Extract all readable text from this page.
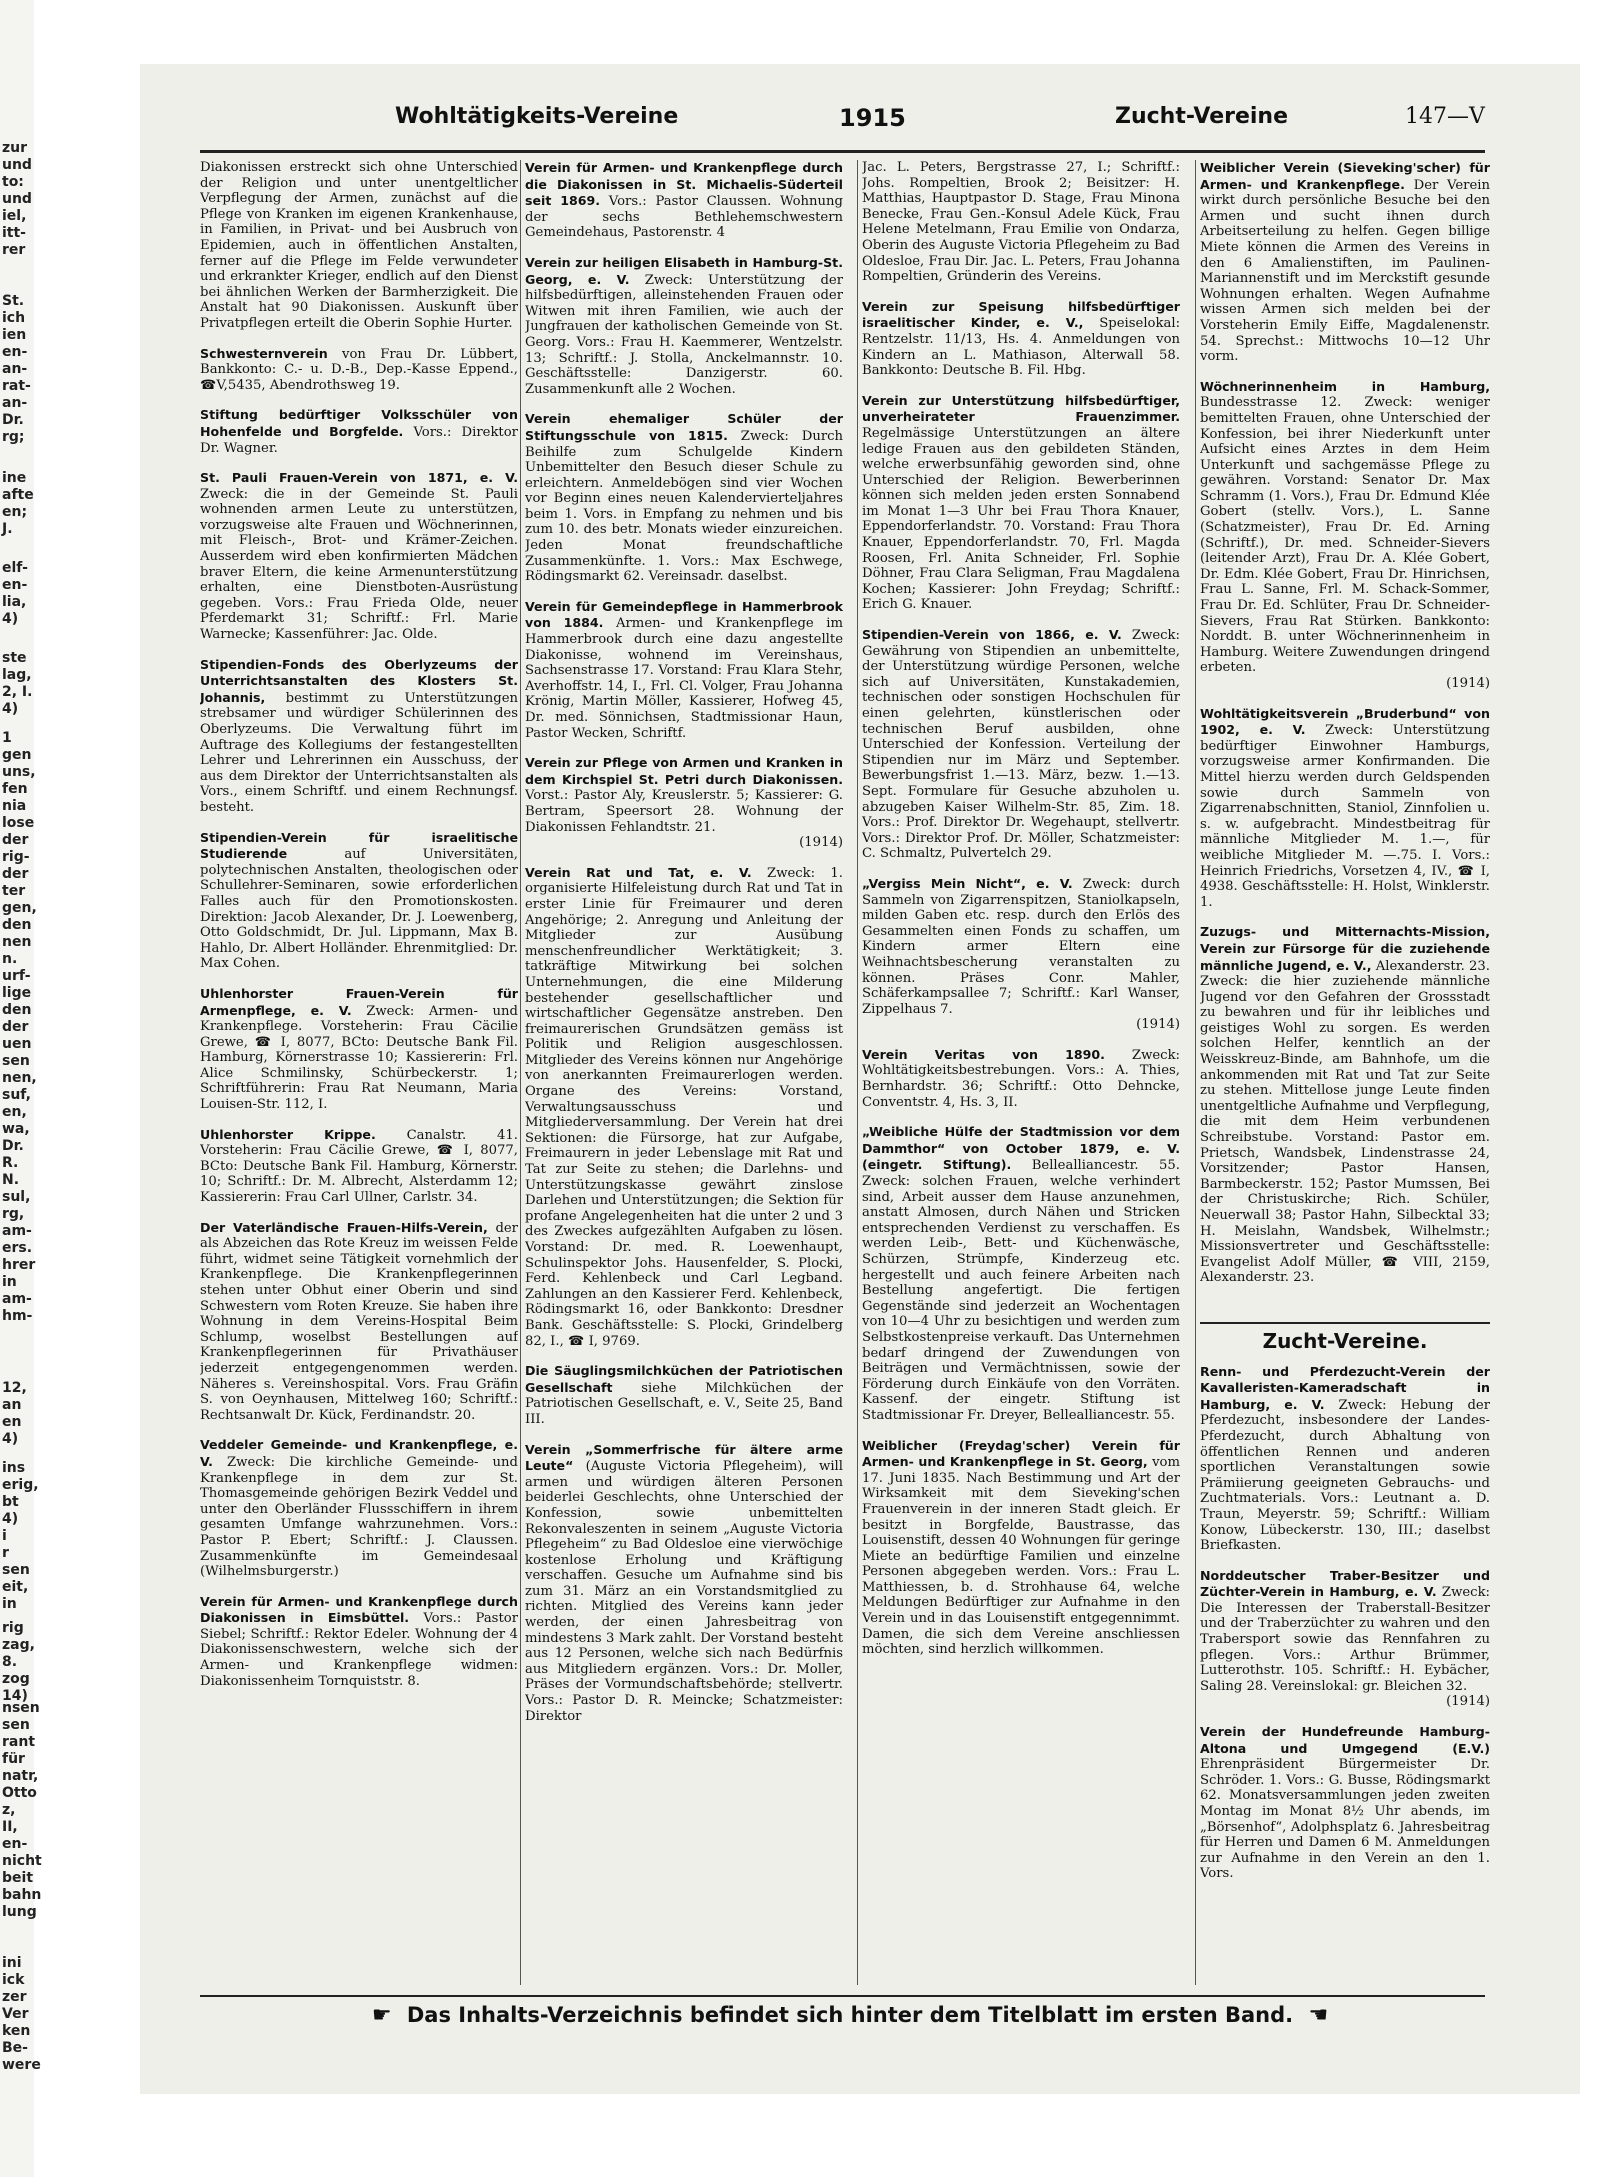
zur
und
to:
und
iel,
itt-
rer

St.
ich
ien
en-
an-
rat-
an-
Dr.
rg;
ine
afte
en;
J.
elf-
en-
lia,
4)
ste
lag,
2, I.
4)
1
gen
uns,
fen
nia
lose
der
rig-
der
ter
gen,
den
nen
n.
urf-
lige
den
der
uen
sen
nen,
suf,
en,
wa,
Dr.
R.
N.
sul,
rg,
am-
ers.
hrer
in
am-
hm-
12,
an
en
4)
ins
erig,
bt
4)
i
r
sen
eit,
in
rig
zag,
8.
zog
14)
nsen
sen
rant
für
natr,
Otto
z,
II,
en-
nicht
beit
bahn
lung

ini
ick
zer
Ver
ken
Be-
were
Wohltätigkeits-Vereine	1915	Zucht-Vereine	147—V
Diakonissen erstreckt sich ohne Unterschied der Religion und unter unentgeltlicher Verpflegung der Armen, zunächst auf die Pflege von Kranken im eigenen Krankenhause, in Familien, in Privat- und bei Ausbruch von Epidemien, auch in öffentlichen Anstalten, ferner auf die Pflege im Felde verwundeter und erkrankter Krieger, endlich auf den Dienst bei ähnlichen Werken der Barmherzigkeit. Die Anstalt hat 90 Diakonissen. Auskunft über Privatpflegen erteilt die Oberin Sophie Hurter.
Schwesternverein von Frau Dr. Lübbert, Bankkonto: C.- u. D.-B., Dep.-Kasse Eppend., ☎V,5435, Abendrothsweg 19.
Stiftung bedürftiger Volksschüler von Hohenfelde und Borgfelde. Vors.: Direktor Dr. Wagner.
St. Pauli Frauen-Verein von 1871, e. V. Zweck: die in der Gemeinde St. Pauli wohnenden armen Leute zu unterstützen, vorzugsweise alte Frauen und Wöchnerinnen, mit Fleisch-, Brot- und Krämer-Zeichen. Ausserdem wird eben konfirmierten Mädchen braver Eltern, die keine Armenunterstützung erhalten, eine Dienstboten-Ausrüstung gegeben. Vors.: Frau Frieda Olde, neuer Pferdemarkt 31; Schriftf.: Frl. Marie Warnecke; Kassenführer: Jac. Olde.
Stipendien-Fonds des Oberlyzeums der Unterrichtsanstalten des Klosters St. Johannis, bestimmt zu Unterstützungen strebsamer und würdiger Schülerinnen des Oberlyzeums. Die Verwaltung führt im Auftrage des Kollegiums der festangestellten Lehrer und Lehrerinnen ein Ausschuss, der aus dem Direktor der Unterrichtsanstalten als Vors., einem Schriftf. und einem Rechnungsf. besteht.
Stipendien-Verein für israelitische Studierende	auf Universitäten, polytechnischen Anstalten, theologischen oder Schullehrer-Seminaren, sowie erforderlichen Falles auch für den Promotionskosten. Direktion: Jacob Alexander, Dr. J. Loewenberg, Otto Goldschmidt, Dr. Jul. Lippmann, Max B. Hahlo, Dr. Albert Holländer. Ehrenmitglied: Dr. Max Cohen.
Uhlenhorster Frauen-Verein für Armenpflege, e. V. Zweck: Armen- und Krankenpflege. Vorsteherin: Frau Cäcilie Grewe, ☎ I, 8077, BCto: Deutsche Bank Fil. Hamburg, Körnerstrasse 10; Kassiererin: Frl. Alice Schmilinsky, Schürbeckerstr. 1; Schriftführerin: Frau Rat Neumann, Maria Louisen-Str. 112, I.
Uhlenhorster Krippe. Canalstr. 41. Vorsteherin: Frau Cäcilie Grewe, ☎ I, 8077, BCto: Deutsche Bank Fil. Hamburg, Körnerstr. 10; Schriftf.: Dr. M. Albrecht, Alsterdamm 12; Kassiererin: Frau Carl Ullner, Carlstr. 34.
Der Vaterländische Frauen-Hilfs-Verein, der als Abzeichen das Rote Kreuz im weissen Felde führt, widmet seine Tätigkeit vornehmlich der Krankenpflege. Die Krankenpflegerinnen stehen unter Obhut einer Oberin und sind Schwestern vom Roten Kreuze. Sie haben ihre Wohnung in dem Vereins-Hospital Beim Schlump, woselbst Bestellungen auf Krankenpflegerinnen für Privathäuser jederzeit entgegengenommen werden. Näheres s. Vereinshospital. Vors. Frau Gräfin S. von Oeynhausen, Mittelweg 160; Schriftf.: Rechtsanwalt Dr. Kück, Ferdinandstr. 20.
Veddeler Gemeinde- und Krankenpflege, e. V. Zweck: Die kirchliche Gemeinde- und Krankenpflege in dem zur St. Thomasgemeinde gehörigen Bezirk Veddel und unter den Oberländer Flussschiffern in ihrem gesamten Umfange wahrzunehmen. Vors.: Pastor P. Ebert; Schriftf.: J. Claussen. Zusammenkünfte im Gemeindesaal (Wilhelmsburgerstr.)
Verein für Armen- und Krankenpflege durch Diakonissen in Eimsbüttel. Vors.: Pastor Siebel; Schriftf.: Rektor Edeler. Wohnung der 4 Diakonissenschwestern, welche sich der Armen- und Krankenpflege widmen: Diakonissenheim Tornquiststr. 8.
Verein für Armen- und Krankenpflege durch die Diakonissen in St. Michaelis-Süderteil seit 1869. Vors.: Pastor Claussen. Wohnung der sechs Bethlehemschwestern Gemeindehaus, Pastorenstr. 4
Verein zur heiligen Elisabeth in Hamburg-St. Georg, e. V. Zweck: Unterstützung der hilfsbedürftigen, alleinstehenden Frauen oder Witwen mit ihren Familien, wie auch der Jungfrauen der katholischen Gemeinde von St. Georg. Vors.: Frau H. Kaemmerer, Wentzelstr. 13; Schriftf.: J. Stolla, Anckelmannstr. 10. Geschäftsstelle: Danzigerstr. 60. Zusammenkunft alle 2 Wochen.
Verein ehemaliger Schüler der Stiftungsschule von 1815. Zweck: Durch Beihilfe zum Schulgelde Kindern Unbemittelter den Besuch dieser Schule zu erleichtern. Anmeldebögen sind vier Wochen vor Beginn eines neuen Kalendervierteljahres beim 1. Vors. in Empfang zu nehmen und bis zum 10. des betr. Monats wieder einzureichen. Jeden Monat freundschaftliche Zusammenkünfte. 1. Vors.: Max Eschwege, Rödingsmarkt 62. Vereinsadr. daselbst.
Verein für Gemeindepflege in Hammerbrook von 1884. Armen- und Krankenpflege im Hammerbrook durch eine dazu angestellte Diakonisse, wohnend im Vereinshaus, Sachsenstrasse 17. Vorstand: Frau Klara Stehr, Averhoffstr. 14, I., Frl. Cl. Volger, Frau Johanna Krönig, Martin Möller, Kassierer, Hofweg 45, Dr. med. Sönnichsen, Stadtmissionar Haun, Pastor Wecken, Schriftf.
Verein zur Pflege von Armen und Kranken in dem Kirchspiel St. Petri durch Diakonissen. Vorst.: Pastor Aly, Kreuslerstr. 5; Kassierer: G. Bertram, Speersort 28. Wohnung der Diakonissen Fehlandtstr. 21.
(1914)
Verein Rat und Tat, e. V. Zweck: 1. organisierte Hilfeleistung durch Rat und Tat in erster Linie für Freimaurer und deren Angehörige; 2. Anregung und Anleitung der Mitglieder zur Ausübung menschenfreundlicher Werktätigkeit; 3. tatkräftige Mitwirkung bei solchen Unternehmungen, die eine Milderung bestehender gesellschaftlicher und wirtschaftlicher Gegensätze anstreben. Den freimaurerischen Grundsätzen gemäss ist Politik und Religion ausgeschlossen. Mitglieder des Vereins können nur Angehörige von anerkannten Freimaurerlogen werden. Organe des Vereins: Vorstand, Verwaltungsausschuss und Mitgliederversammlung. Der Verein hat drei Sektionen: die Fürsorge, hat zur Aufgabe, Freimaurern in jeder Lebenslage mit Rat und Tat zur Seite zu stehen; die Darlehns- und Unterstützungskasse gewährt zinslose Darlehen und Unterstützungen; die Sektion für profane Angelegenheiten hat die unter 2 und 3 des Zweckes aufgezählten Aufgaben zu lösen. Vorstand: Dr. med. R. Loewenhaupt, Schulinspektor Johs. Hausenfelder, S. Plocki, Ferd. Kehlenbeck und Carl Legband. Zahlungen an den Kassierer Ferd. Kehlenbeck, Rödingsmarkt 16, oder Bankkonto: Dresdner Bank. Geschäftsstelle: S. Plocki, Grindelberg 82, I., ☎ I, 9769.
Die Säuglingsmilchküchen der Patriotischen Gesellschaft siehe Milchküchen der Patriotischen Gesellschaft, e. V., Seite 25, Band III.
Verein „Sommerfrische für ältere arme Leute“ (Auguste Victoria Pflegeheim), will armen und würdigen älteren Personen beiderlei Geschlechts, ohne Unterschied der Konfession, sowie unbemittelten Rekonvaleszenten in seinem „Auguste Victoria Pflegeheim“ zu Bad Oldesloe eine vierwöchige kostenlose Erholung und Kräftigung verschaffen. Gesuche um Aufnahme sind bis zum 31. März an ein Vorstandsmitglied zu richten. Mitglied des Vereins kann jeder werden, der einen Jahresbeitrag von mindestens 3 Mark zahlt. Der Vorstand besteht aus 12 Personen, welche sich nach Bedürfnis aus Mitgliedern ergänzen. Vors.: Dr. Moller, Präses der Vormundschaftsbehörde; stellvertr. Vors.: Pastor D. R. Meincke; Schatzmeister: Direktor
Jac. L. Peters, Bergstrasse 27, I.; Schriftf.: Johs. Rompeltien, Brook 2; Beisitzer: H. Matthias, Hauptpastor D. Stage, Frau Minona Benecke, Frau Gen.-Konsul Adele Kück, Frau Helene Metelmann, Frau Emilie von Ondarza, Oberin des Auguste Victoria Pflegeheim zu Bad Oldesloe, Frau Dir. Jac. L. Peters, Frau Johanna Rompeltien, Gründerin des Vereins.
Verein zur Speisung hilfsbedürftiger israelitischer Kinder, e. V., Speiselokal: Rentzelstr. 11/13, Hs. 4. Anmeldungen von Kindern an L. Mathiason, Alterwall 58. Bankkonto: Deutsche B. Fil. Hbg.
Verein zur Unterstützung hilfsbedürftiger, unverheirateter Frauenzimmer. Regelmässige Unterstützungen an ältere ledige Frauen aus den gebildeten Ständen, welche erwerbsunfähig geworden sind, ohne Unterschied der Religion. Bewerberinnen können sich melden jeden ersten Sonnabend im Monat 1—3 Uhr bei Frau Thora Knauer, Eppendorferlandstr. 70. Vorstand: Frau Thora Knauer, Eppendorferlandstr. 70, Frl. Magda Roosen, Frl. Anita Schneider, Frl. Sophie Döhner, Frau Clara Seligman, Frau Magdalena Kochen; Kassierer: John Freydag; Schriftf.: Erich G. Knauer.
Stipendien-Verein von 1866, e. V. Zweck: Gewährung von Stipendien an unbemittelte, der Unterstützung würdige Personen, welche sich auf Universitäten, Kunstakademien, technischen oder sonstigen Hochschulen für einen gelehrten, künstlerischen oder technischen Beruf ausbilden, ohne Unterschied der Konfession. Verteilung der Stipendien nur im März und September. Bewerbungsfrist 1.—13. März, bezw. 1.—13. Sept. Formulare für Gesuche abzuholen u. abzugeben Kaiser Wilhelm-Str. 85, Zim. 18. Vors.: Prof. Direktor Dr. Wegehaupt, stellvertr. Vors.: Direktor Prof. Dr. Möller, Schatzmeister: C. Schmaltz, Pulvertelch 29.
„Vergiss Mein Nicht“, e. V. Zweck: durch Sammeln von Zigarrenspitzen, Staniolkapseln, milden Gaben etc. resp. durch den Erlös des Gesammelten einen Fonds zu schaffen, um Kindern armer Eltern eine Weihnachtsbescherung veranstalten zu können. Präses Conr. Mahler, Schäferkampsallee 7; Schriftf.: Karl Wanser, Zippelhaus 7.
(1914)
Verein Veritas von 1890. Zweck: Wohltätigkeitsbestrebungen. Vors.: A. Thies, Bernhardstr. 36; Schriftf.: Otto Dehncke, Conventstr. 4, Hs. 3, II.
„Weibliche Hülfe der Stadtmission vor dem Dammthor“ von October 1879, e. V. (eingetr. Stiftung). Bellealliancestr. 55. Zweck: solchen Frauen, welche verhindert sind, Arbeit ausser dem Hause anzunehmen, anstatt Almosen, durch Nähen und Stricken entsprechenden Verdienst zu verschaffen. Es werden Leib-, Bett- und Küchenwäsche, Schürzen, Strümpfe, Kinderzeug etc. hergestellt und auch feinere Arbeiten nach Bestellung angefertigt. Die fertigen Gegenstände sind jederzeit an Wochentagen von 10—4 Uhr zu besichtigen und werden zum Selbstkostenpreise verkauft. Das Unternehmen bedarf dringend der Zuwendungen von Beiträgen und Vermächtnissen, sowie der Förderung durch Einkäufe von den Vorräten. Kassenf. der eingetr. Stiftung ist Stadtmissionar Fr. Dreyer, Bellealliancestr. 55.
Weiblicher (Freydag'scher) Verein für Armen- und Krankenpflege in St. Georg, vom 17. Juni 1835. Nach Bestimmung und Art der Wirksamkeit mit dem Sieveking'schen Frauenverein in der inneren Stadt gleich. Er besitzt in Borgfelde, Baustrasse, das Louisenstift, dessen 40 Wohnungen für geringe Miete an bedürftige Familien und einzelne Personen abgegeben werden. Vors.: Frau L. Matthiessen, b. d. Strohhause 64, welche Meldungen Bedürftiger zur Aufnahme in den Verein und in das Louisenstift entgegennimmt. Damen, die sich dem Vereine anschliessen möchten, sind herzlich willkommen.
Weiblicher Verein (Sieveking'scher) für Armen- und Krankenpflege. Der Verein wirkt durch persönliche Besuche bei den Armen und sucht ihnen durch Arbeitserteilung zu helfen. Gegen billige Miete können die Armen des Vereins in den 6 Amalienstiften, im Paulinen-Mariannenstift und im Merckstift gesunde Wohnungen erhalten. Wegen Aufnahme wissen Armen sich melden bei der Vorsteherin Emily Eiffe, Magdalenenstr. 54. Sprechst.: Mittwochs 10—12 Uhr vorm.
Wöchnerinnenheim in Hamburg, Bundesstrasse 12. Zweck: weniger bemittelten Frauen, ohne Unterschied der Konfession, bei ihrer Niederkunft unter Aufsicht eines Arztes in dem Heim Unterkunft und sachgemässe Pflege zu gewähren. Vorstand: Senator Dr. Max Schramm (1. Vors.), Frau Dr. Edmund Klée Gobert (stellv. Vors.), L. Sanne (Schatzmeister), Frau Dr. Ed. Arning (Schriftf.), Dr. med. Schneider-Sievers (leitender Arzt), Frau Dr. A. Klée Gobert, Dr. Edm. Klée Gobert, Frau Dr. Hinrichsen, Frau L. Sanne, Frl. M. Schack-Sommer, Frau Dr. Ed. Schlüter, Frau Dr. Schneider-Sievers, Frau Rat Stürken. Bankkonto: Norddt. B. unter Wöchnerinnenheim in Hamburg. Weitere Zuwendungen dringend erbeten.
(1914)
Wohltätigkeitsverein „Bruderbund“ von 1902, e. V. Zweck: Unterstützung bedürftiger Einwohner Hamburgs, vorzugsweise armer Konfirmanden. Die Mittel hierzu werden durch Geldspenden sowie durch Sammeln von Zigarrenabschnitten, Staniol, Zinnfolien u. s. w. aufgebracht. Mindestbeitrag für männliche Mitglieder M. 1.—, für weibliche Mitglieder M. —.75. I. Vors.: Heinrich Friedrichs, Vorsetzen 4, IV., ☎ I, 4938. Geschäftsstelle: H. Holst, Winklerstr. 1.
Zuzugs- und Mitternachts-Mission, Verein zur Fürsorge für die zuziehende männliche Jugend, e. V., Alexanderstr. 23. Zweck: die hier zuziehende männliche Jugend vor den Gefahren der Grossstadt zu bewahren und für ihr leibliches und geistiges Wohl zu sorgen. Es werden solchen Helfer, kenntlich an der Weisskreuz-Binde, am Bahnhofe, um die ankommenden mit Rat und Tat zur Seite zu stehen. Mittellose junge Leute finden unentgeltliche Aufnahme und Verpflegung, die mit dem Heim verbundenen Schreibstube. Vorstand: Pastor em. Prietsch, Wandsbek, Lindenstrasse 24, Vorsitzender; Pastor Hansen, Barmbeckerstr. 152; Pastor Mumssen, Bei der Christuskirche; Rich. Schüler, Neuerwall 38; Pastor Hahn, Silbecktal 33; H. Meislahn, Wandsbek, Wilhelmstr.; Missionsvertreter und Geschäftsstelle: Evangelist Adolf Müller, ☎ VIII, 2159, Alexanderstr. 23.
Zucht-Vereine.
Renn- und Pferdezucht-Verein der Kavalleristen-Kameradschaft in Hamburg, e. V. Zweck: Hebung der Pferdezucht, insbesondere der Landes-Pferdezucht, durch Abhaltung von öffentlichen Rennen und anderen sportlichen Veranstaltungen sowie Prämiierung geeigneten Gebrauchs- und Zuchtmaterials. Vors.: Leutnant a. D. Traun, Meyerstr. 59; Schriftf.: William Konow, Lübeckerstr. 130, III.; daselbst Briefkasten.
Norddeutscher Traber-Besitzer und Züchter-Verein in Hamburg, e. V. Zweck: Die Interessen der Traberstall-Besitzer und der Traberzüchter zu wahren und den Trabersport sowie das Rennfahren zu pflegen. Vors.: Arthur Brümmer, Lutterothstr. 105. Schriftf.: H. Eybächer, Saling 28. Vereinslokal: gr. Bleichen 32.
(1914)
Verein der Hundefreunde Hamburg-Altona und Umgegend (E.V.) Ehrenpräsident Bürgermeister Dr. Schröder. 1. Vors.: G. Busse, Rödingsmarkt 62. Monatsversammlungen jeden zweiten Montag im Monat 8½ Uhr abends, im „Börsenhof“, Adolphsplatz 6. Jahresbeitrag für Herren und Damen 6 M. Anmeldungen zur Aufnahme in den Verein an den 1. Vors.
☛ Das Inhalts-Verzeichnis befindet sich hinter dem Titelblatt im ersten Band. ☚
